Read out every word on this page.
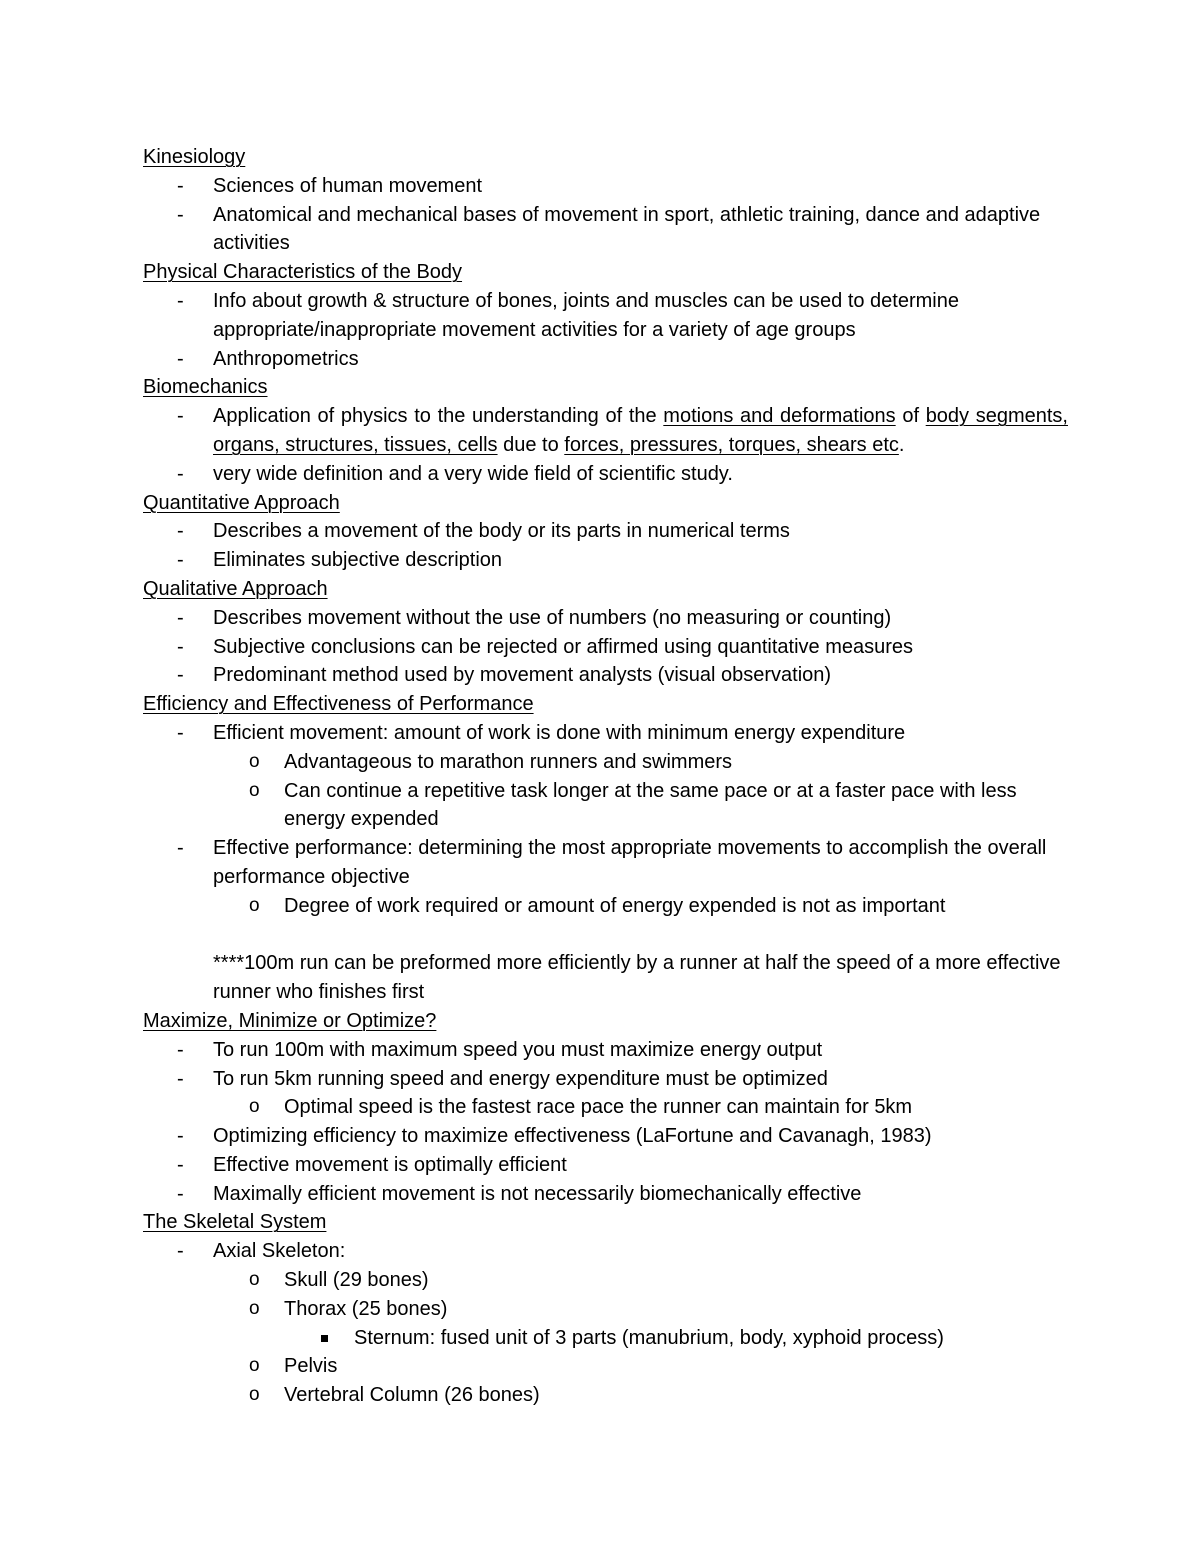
Kinesiology
- Sciences of human movement
- Anatomical and mechanical bases of movement in sport, athletic training, dance and adaptive activities
Physical Characteristics of the Body
- Info about growth & structure of bones, joints and muscles can be used to determine appropriate/inappropriate movement activities for a variety of age groups
- Anthropometrics
Biomechanics
- Application of physics to the understanding of the motions and deformations of body segments, organs, structures, tissues, cells due to forces, pressures, torques, shears etc.
- very wide definition and a very wide field of scientific study.
Quantitative Approach
- Describes a movement of the body or its parts in numerical terms
- Eliminates subjective description
Qualitative Approach
- Describes movement without the use of numbers (no measuring or counting)
- Subjective conclusions can be rejected or affirmed using quantitative measures
- Predominant method used by movement analysts (visual observation)
Efficiency and Effectiveness of Performance
- Efficient movement: amount of work is done with minimum energy expenditure
o Advantageous to marathon runners and swimmers
o Can continue a repetitive task longer at the same pace or at a faster pace with less energy expended
- Effective performance: determining the most appropriate movements to accomplish the overall performance objective
o Degree of work required or amount of energy expended is not as important
****100m run can be preformed more efficiently by a runner at half the speed of a more effective runner who finishes first
Maximize, Minimize or Optimize?
- To run 100m with maximum speed you must maximize energy output
- To run 5km running speed and energy expenditure must be optimized
o Optimal speed is the fastest race pace the runner can maintain for 5km
- Optimizing efficiency to maximize effectiveness (LaFortune and Cavanagh, 1983)
- Effective movement is optimally efficient
- Maximally efficient movement is not necessarily biomechanically effective
The Skeletal System
- Axial Skeleton:
o Skull (29 bones)
o Thorax (25 bones)
Sternum: fused unit of 3 parts (manubrium, body, xyphoid process)
o Pelvis
o Vertebral Column (26 bones)
